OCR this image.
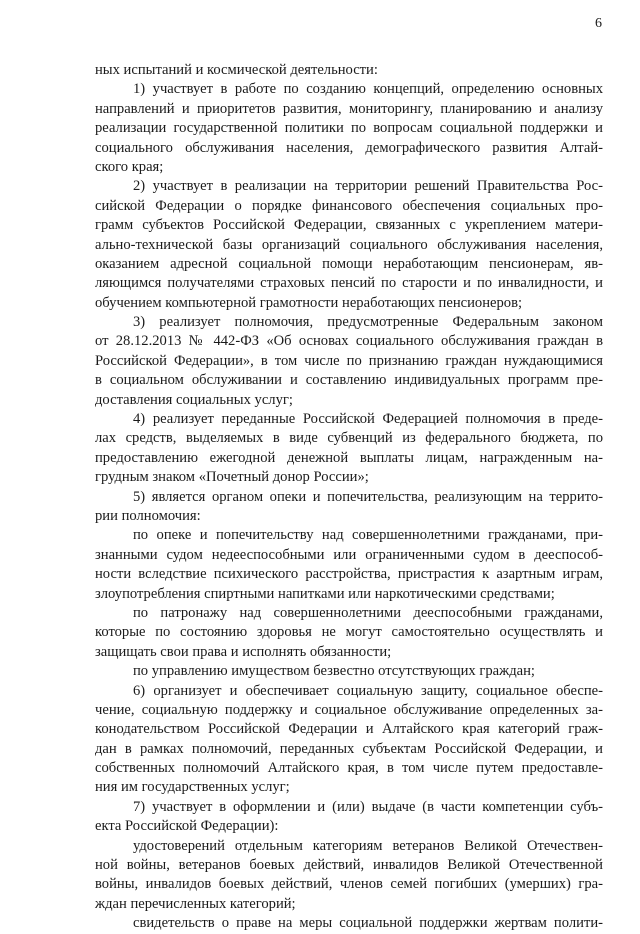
6
ных испытаний и космической деятельности:
1) участвует в работе по созданию концепций, определению основных
направлений и приоритетов развития, мониторингу, планированию и анализу
реализации государственной политики по вопросам социальной поддержки и
социального обслуживания населения, демографического развития Алтай-
ского края;
2) участвует в реализации на территории решений Правительства Рос-
сийской Федерации о порядке финансового обеспечения социальных про-
грамм субъектов Российской Федерации, связанных с укреплением матери-
ально-технической базы организаций социального обслуживания населения,
оказанием адресной социальной помощи неработающим пенсионерам, яв-
ляющимся получателями страховых пенсий по старости и по инвалидности, и
обучением компьютерной грамотности неработающих пенсионеров;
3) реализует полномочия, предусмотренные Федеральным законом
от 28.12.2013 № 442-ФЗ «Об основах социального обслуживания граждан в
Российской Федерации», в том числе по признанию граждан нуждающимися
в социальном обслуживании и составлению индивидуальных программ пре-
доставления социальных услуг;
4) реализует переданные Российской Федерацией полномочия в преде-
лах средств, выделяемых в виде субвенций из федерального бюджета, по
предоставлению ежегодной денежной выплаты лицам, награжденным на-
грудным знаком «Почетный донор России»;
5) является органом опеки и попечительства, реализующим на террито-
рии полномочия:
по опеке и попечительству над совершеннолетними гражданами, при-
знанными судом недееспособными или ограниченными судом в дееспособ-
ности вследствие психического расстройства, пристрастия к азартным играм,
злоупотребления спиртными напитками или наркотическими средствами;
по патронажу над совершеннолетними дееспособными гражданами,
которые по состоянию здоровья не могут самостоятельно осуществлять и
защищать свои права и исполнять обязанности;
по управлению имуществом безвестно отсутствующих граждан;
6) организует и обеспечивает социальную защиту, социальное обеспе-
чение, социальную поддержку и социальное обслуживание определенных за-
конодательством Российской Федерации и Алтайского края категорий граж-
дан в рамках полномочий, переданных субъектам Российской Федерации, и
собственных полномочий Алтайского края, в том числе путем предоставле-
ния им государственных услуг;
7) участвует в оформлении и (или) выдаче (в части компетенции субъ-
екта Российской Федерации):
удостоверений отдельным категориям ветеранов Великой Отечествен-
ной войны, ветеранов боевых действий, инвалидов Великой Отечественной
войны, инвалидов боевых действий, членов семей погибших (умерших) гра-
ждан перечисленных категорий;
свидетельств о праве на меры социальной поддержки жертвам полити-
